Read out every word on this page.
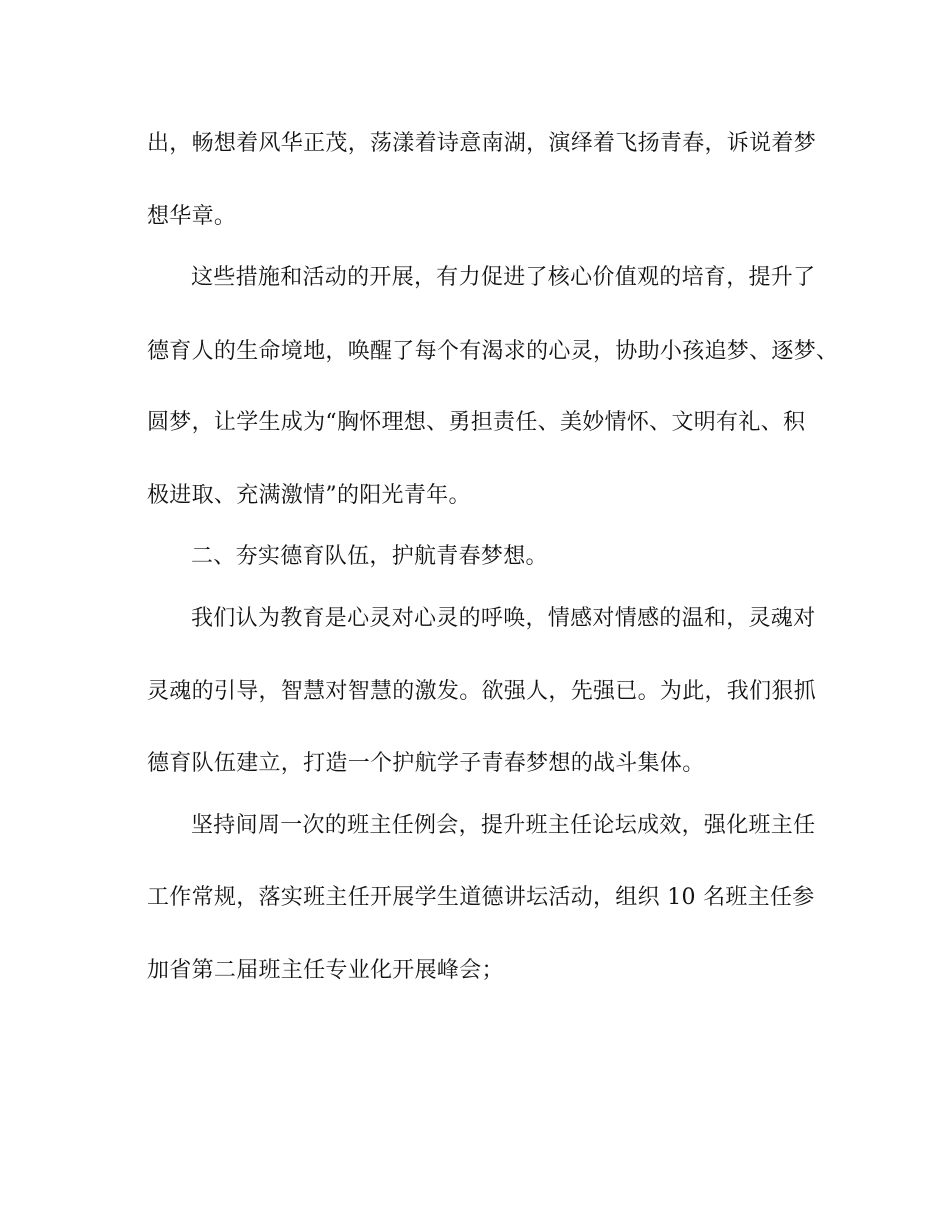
出，畅想着风华正茂，荡漾着诗意南湖，演绎着飞扬青春，诉说着梦
想华章。
这些措施和活动的开展，有力促进了核心价值观的培育，提升了
德育人的生命境地，唤醒了每个有渴求的心灵，协助小孩追梦、逐梦、
圆梦，让学生成为“胸怀理想、勇担责任、美妙情怀、文明有礼、积
极进取、充满激情”的阳光青年。
二、夯实德育队伍，护航青春梦想。
我们认为教育是心灵对心灵的呼唤，情感对情感的温和，灵魂对
灵魂的引导，智慧对智慧的激发。欲强人，先强已。为此，我们狠抓
德育队伍建立，打造一个护航学子青春梦想的战斗集体。
坚持间周一次的班主任例会，提升班主任论坛成效，强化班主任
工作常规，落实班主任开展学生道德讲坛活动，组织 10 名班主任参
加省第二届班主任专业化开展峰会；
